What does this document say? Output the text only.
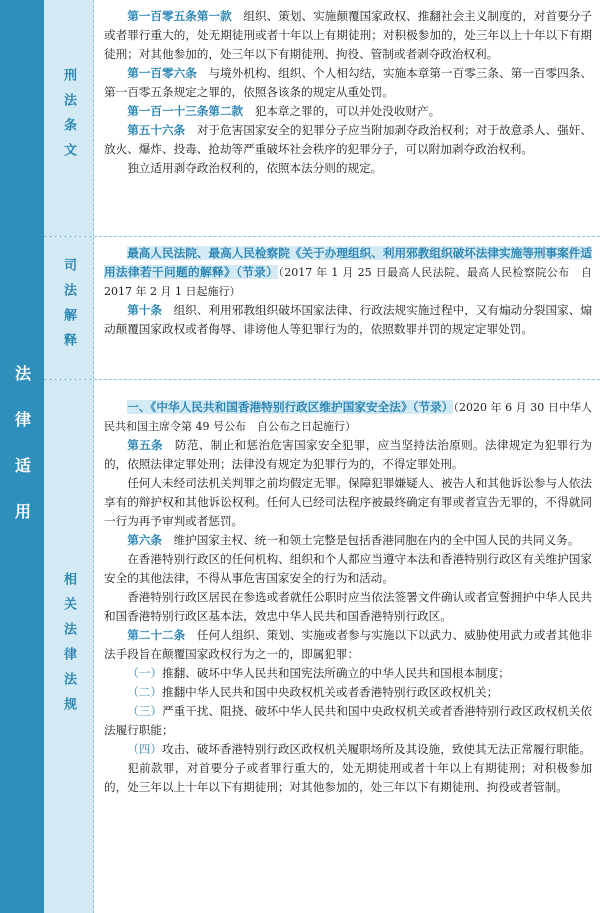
法律适用
刑法条文

第一百零五条第一款　组织、策划、实施颠覆国家政权、推翻社会主义制度的，对首要分子或者罪行重大的，处无期徒刑或者十年以上有期徒刑；对积极参加的，处三年以上十年以下有期徒刑；对其他参加的，处三年以下有期徒刑、拘役、管制或者剥夺政治权利。

第一百零六条　与境外机构、组织、个人相勾结，实施本章第一百零三条、第一百零四条、第一百零五条规定之罪的，依照各该条的规定从重处罚。

第一百一十三条第二款　犯本章之罪的，可以并处没收财产。

第五十六条　对于危害国家安全的犯罪分子应当附加剥夺政治权利；对于故意杀人、强奸、放火、爆炸、投毒、抢劫等严重破坏社会秩序的犯罪分子，可以附加剥夺政治权利。

独立适用剥夺政治权利的，依照本法分则的规定。

司法解释

最高人民法院、最高人民检察院《关于办理组织、利用邪教组织破坏法律实施等刑事案件适用法律若干问题的解释》（节录）（2017 年 1 月 25 日最高人民法院、最高人民检察院公布　自 2017 年 2 月 1 日起施行）

第十条　组织、利用邪教组织破坏国家法律、行政法规实施过程中，又有煽动分裂国家、煽动颠覆国家政权或者侮辱、诽谤他人等犯罪行为的，依照数罪并罚的规定定罪处罚。

相关法律法规

一、《中华人民共和国香港特别行政区维护国家安全法》（节录）（2020 年 6 月 30 日中华人民共和国主席令第 49 号公布　自公布之日起施行）

第五条　防范、制止和惩治危害国家安全犯罪，应当坚持法治原则。法律规定为犯罪行为的，依照法律定罪处刑；法律没有规定为犯罪行为的，不得定罪处刑。

任何人未经司法机关判罪之前均假定无罪。保障犯罪嫌疑人、被告人和其他诉讼参与人依法享有的辩护权和其他诉讼权利。任何人已经司法程序被最终确定有罪或者宣告无罪的，不得就同一行为再予审判或者惩罚。

第六条　维护国家主权、统一和领土完整是包括香港同胞在内的全中国人民的共同义务。

在香港特别行政区的任何机构、组织和个人都应当遵守本法和香港特别行政区有关维护国家安全的其他法律，不得从事危害国家安全的行为和活动。

香港特别行政区居民在参选或者就任公职时应当依法签署文件确认或者宣誓拥护中华人民共和国香港特别行政区基本法，效忠中华人民共和国香港特别行政区。

第二十二条　任何人组织、策划、实施或者参与实施以下以武力、威胁使用武力或者其他非法手段旨在颠覆国家政权行为之一的，即属犯罪：

（一）推翻、破坏中华人民共和国宪法所确立的中华人民共和国根本制度；

（二）推翻中华人民共和国中央政权机关或者香港特别行政区政权机关；

（三）严重干扰、阻挠、破坏中华人民共和国中央政权机关或者香港特别行政区政权机关依法履行职能；

（四）攻击、破坏香港特别行政区政权机关履职场所及其设施，致使其无法正常履行职能。

犯前款罪，对首要分子或者罪行重大的，处无期徒刑或者十年以上有期徒刑；对积极参加的，处三年以上十年以下有期徒刑；对其他参加的，处三年以下有期徒刑、拘役或者管制。
